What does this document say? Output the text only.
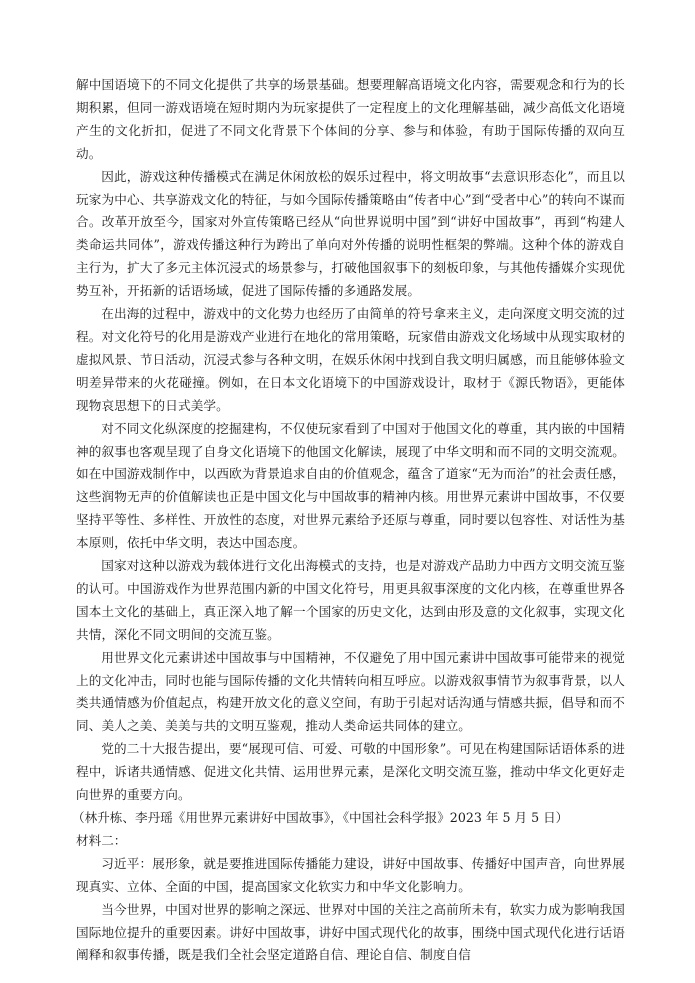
解中国语境下的不同文化提供了共享的场景基础。想要理解高语境文化内容，需要观念和行为的长期积累，但同一游戏语境在短时期内为玩家提供了一定程度上的文化理解基础，减少高低文化语境产生的文化折扣，促进了不同文化背景下个体间的分享、参与和体验，有助于国际传播的双向互动。

因此，游戏这种传播模式在满足休闲放松的娱乐过程中，将文明故事“去意识形态化”，而且以玩家为中心、共享游戏文化的特征，与如今国际传播策略由“传者中心”到“受者中心”的转向不谋而合。改革开放至今，国家对外宣传策略已经从“向世界说明中国”到“讲好中国故事”，再到“构建人类命运共同体”，游戏传播这种行为跨出了单向对外传播的说明性框架的弊端。这种个体的游戏自主行为，扩大了多元主体沉浸式的场景参与，打破他国叙事下的刻板印象，与其他传播媒介实现优势互补，开拓新的话语场域，促进了国际传播的多通路发展。

在出海的过程中，游戏中的文化势力也经历了由简单的符号拿来主义，走向深度文明交流的过程。对文化符号的化用是游戏产业进行在地化的常用策略，玩家借由游戏文化场域中从现实取材的虚拟风景、节日活动，沉浸式参与各种文明，在娱乐休闲中找到自我文明归属感，而且能够体验文明差异带来的火花碰撞。例如，在日本文化语境下的中国游戏设计，取材于《源氏物语》，更能体现物哀思想下的日式美学。

对不同文化纵深度的挖掘建构，不仅使玩家看到了中国对于他国文化的尊重，其内嵌的中国精神的叙事也客观呈现了自身文化语境下的他国文化解读，展现了中华文明和而不同的文明交流观。如在中国游戏制作中，以西欧为背景追求自由的价值观念，蕴含了道家“无为而治”的社会责任感，这些润物无声的价值解读也正是中国文化与中国故事的精神内核。用世界元素讲中国故事，不仅要坚持平等性、多样性、开放性的态度，对世界元素给予还原与尊重，同时要以包容性、对话性为基本原则，依托中华文明，表达中国态度。

国家对这种以游戏为载体进行文化出海模式的支持，也是对游戏产品助力中西方文明交流互鉴的认可。中国游戏作为世界范围内新的中国文化符号，用更具叙事深度的文化内核，在尊重世界各国本土文化的基础上，真正深入地了解一个国家的历史文化，达到由形及意的文化叙事，实现文化共情，深化不同文明间的交流互鉴。

用世界文化元素讲述中国故事与中国精神，不仅避免了用中国元素讲中国故事可能带来的视觉上的文化冲击，同时也能与国际传播的文化共情转向相互呼应。以游戏叙事情节为叙事背景，以人类共通情感为价值起点，构建开放文化的意义空间，有助于引起对话沟通与情感共振，倡导和而不同、美人之美、美美与共的文明互鉴观，推动人类命运共同体的建立。

党的二十大报告提出，要“展现可信、可爱、可敬的中国形象”。可见在构建国际话语体系的进程中，诉诸共通情感、促进文化共情、运用世界元素，是深化文明交流互鉴，推动中华文化更好走向世界的重要方向。

（林升栋、李丹瑶《用世界元素讲好中国故事》，《中国社会科学报》2023 年 5 月 5 日）

材料二：

习近平：展形象，就是要推进国际传播能力建设，讲好中国故事、传播好中国声音，向世界展现真实、立体、全面的中国，提高国家文化软实力和中华文化影响力。

当今世界，中国对世界的影响之深远、世界对中国的关注之高前所未有，软实力成为影响我国国际地位提升的重要因素。讲好中国故事，讲好中国式现代化的故事，围绕中国式现代化进行话语阐释和叙事传播，既是我们全社会坚定道路自信、理论自信、制度自信
